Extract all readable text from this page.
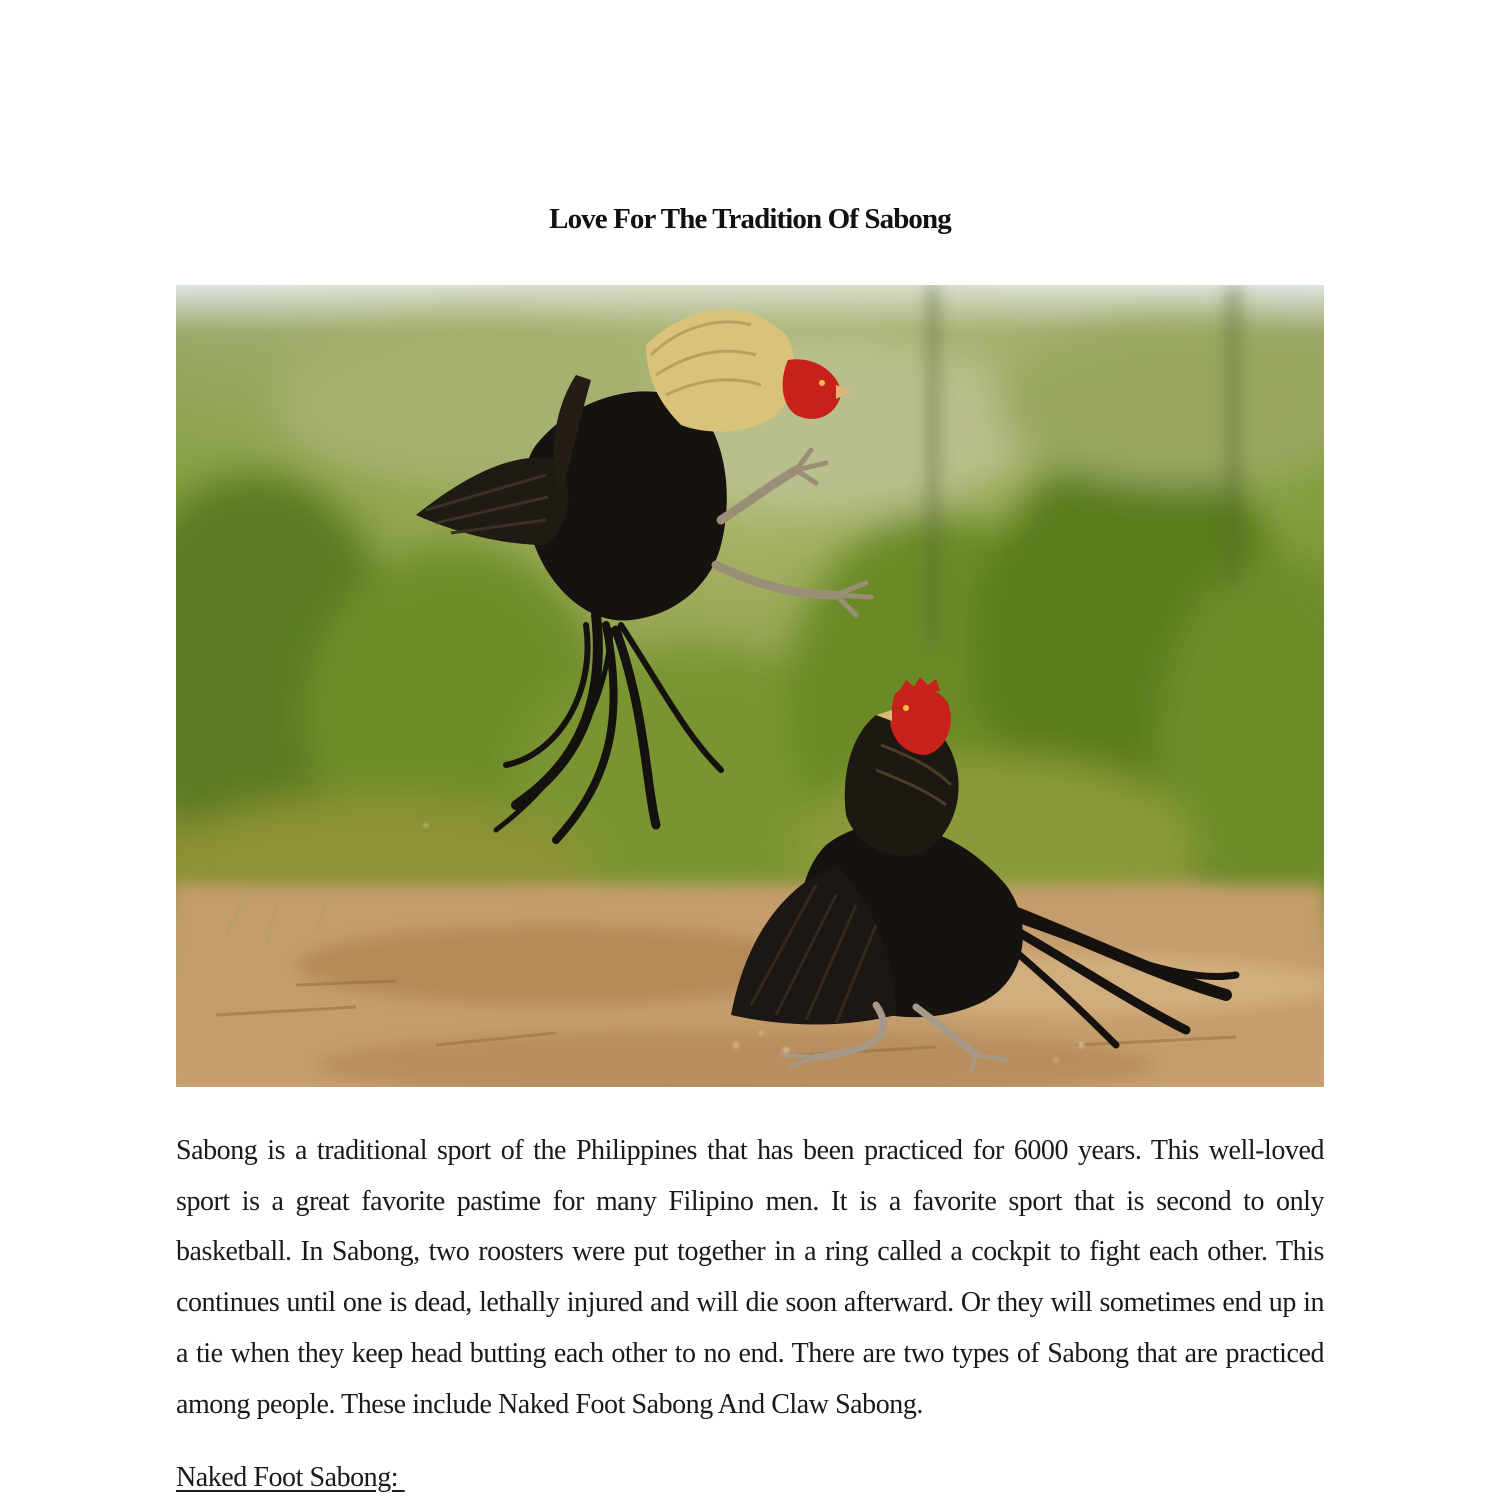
Love For The Tradition Of Sabong

Sabong is a traditional sport of the Philippines that has been practiced for 6000 years. This well-loved sport is a great favorite pastime for many Filipino men. It is a favorite sport that is second to only basketball. In Sabong, two roosters were put together in a ring called a cockpit to fight each other. This continues until one is dead, lethally injured and will die soon afterward. Or they will sometimes end up in a tie when they keep head butting each other to no end. There are two types of Sabong that are practiced among people. These include Naked Foot Sabong And Claw Sabong.

Naked Foot Sabong:
